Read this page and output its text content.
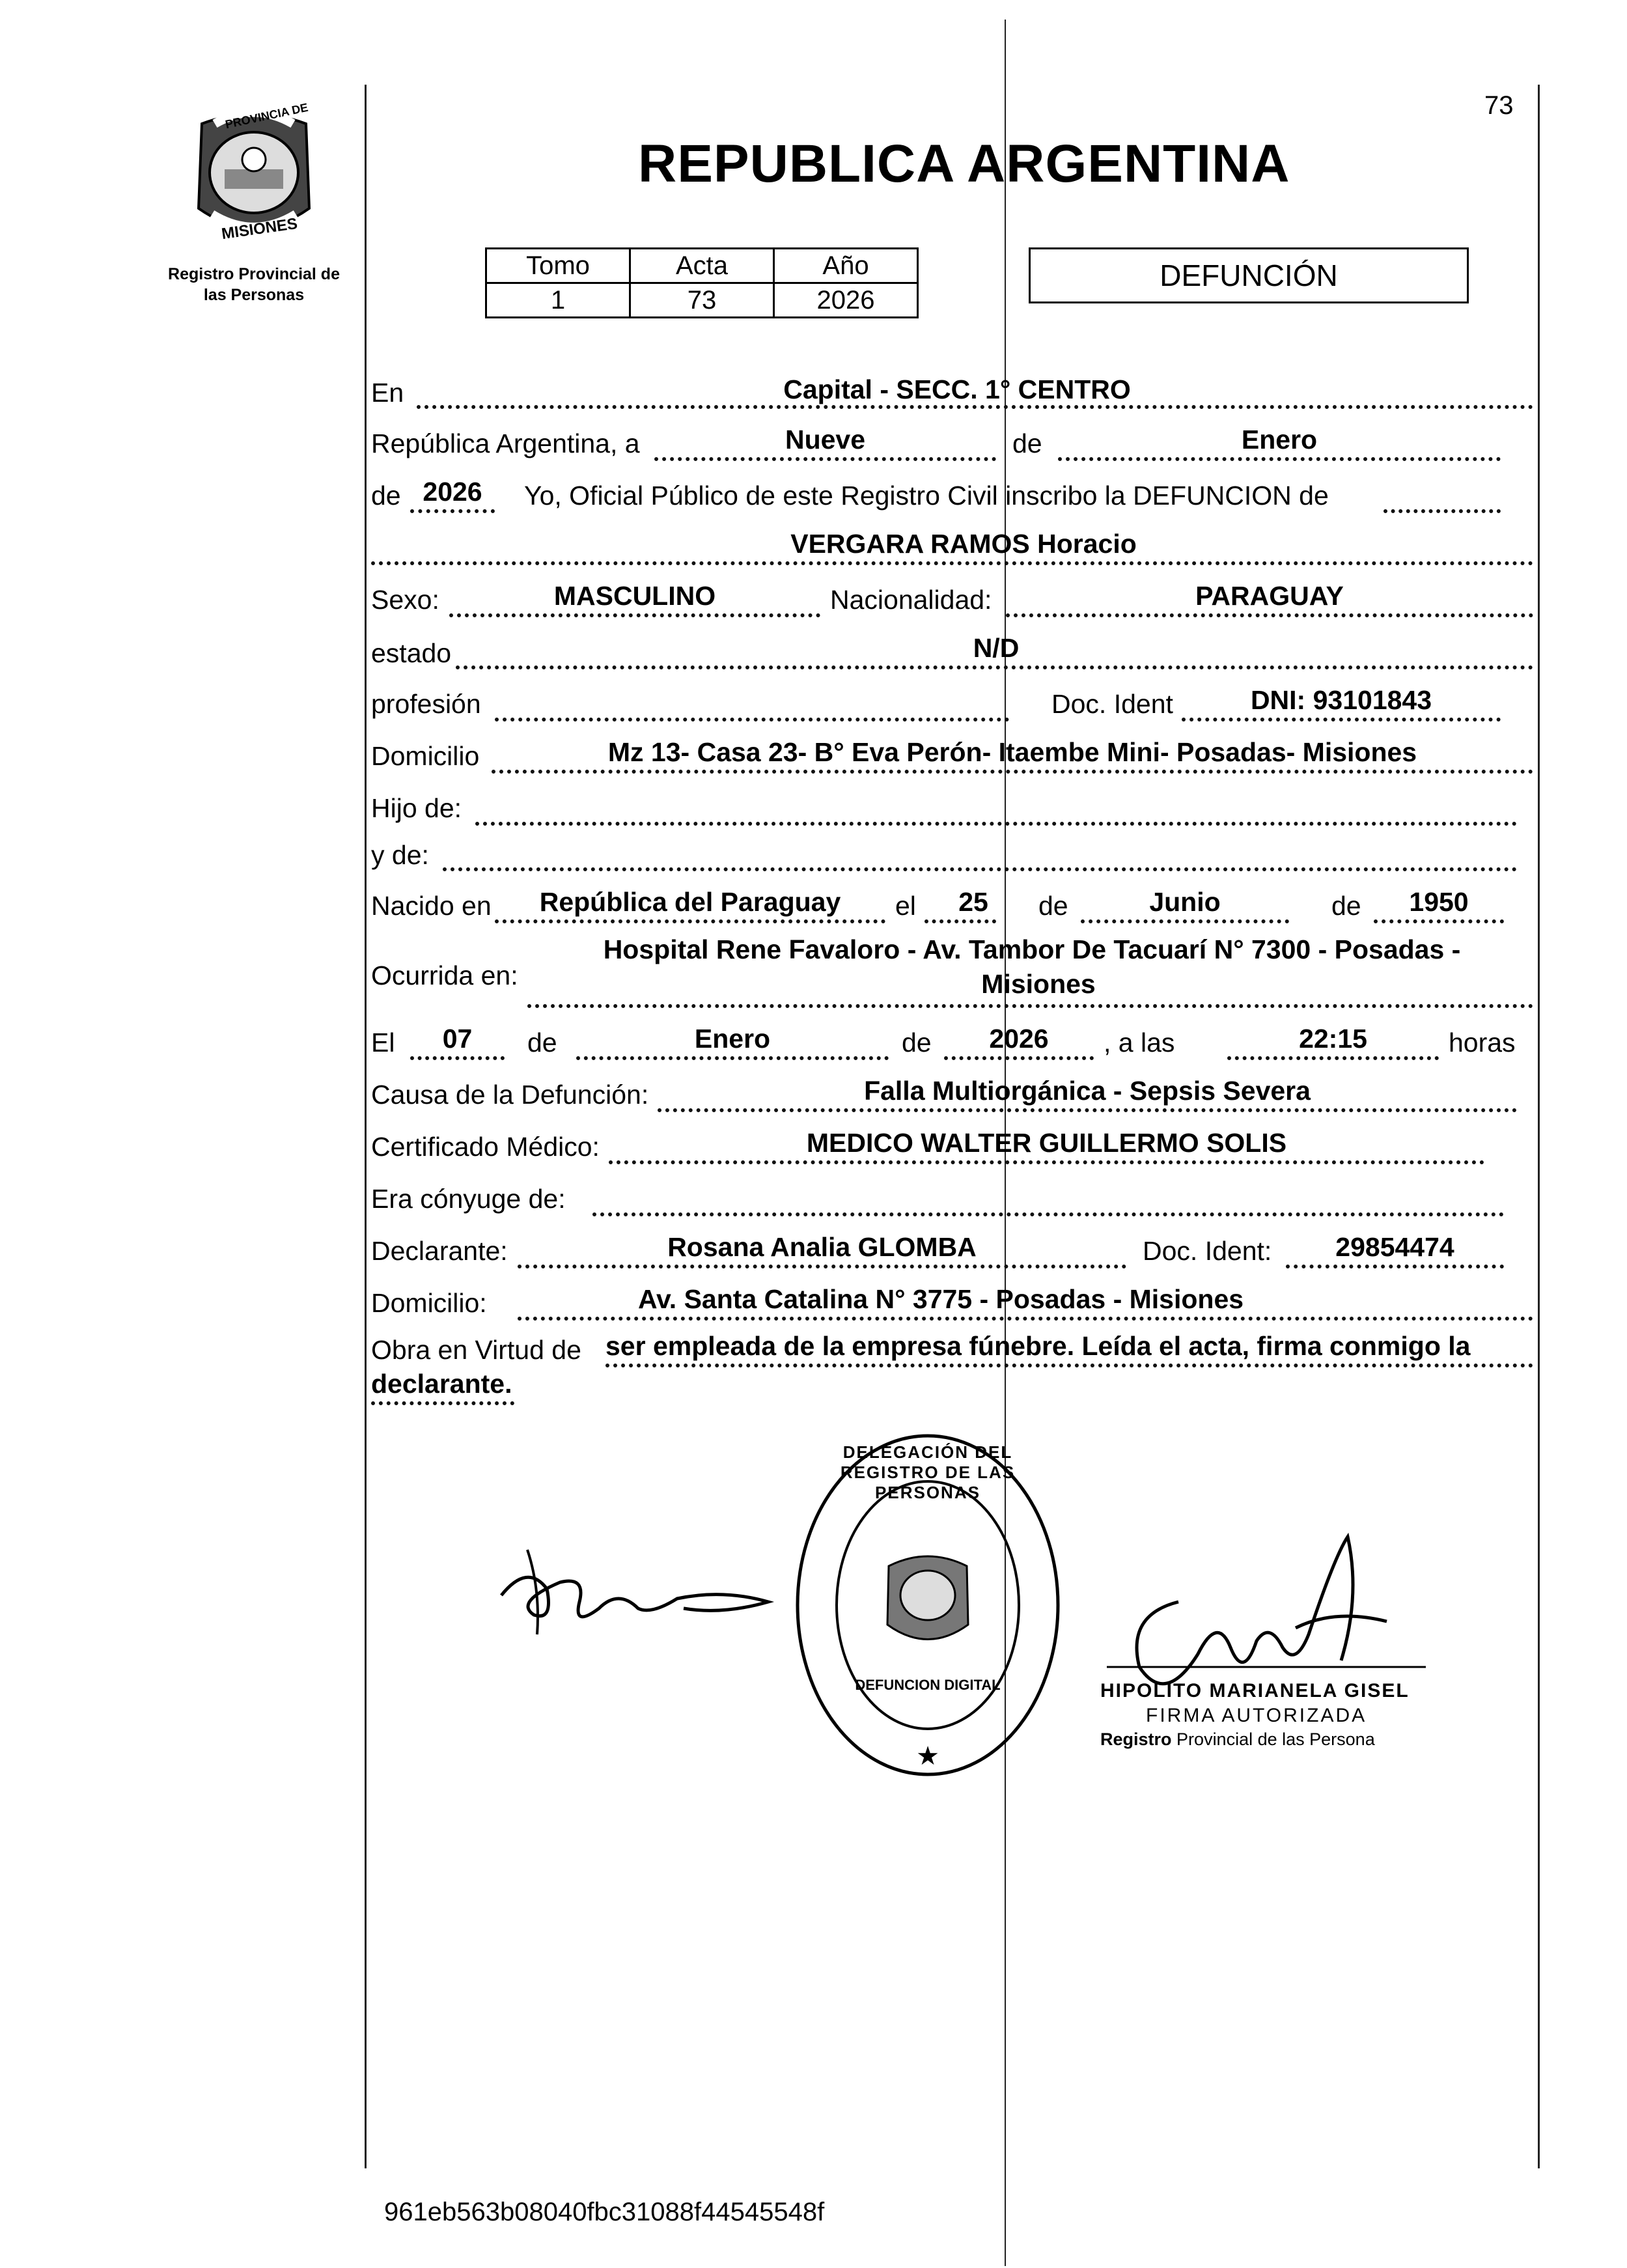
73
PROVINCIA DE
MISIONES
Registro Provincial de
las Personas
REPUBLICA ARGENTINA
Tomo	Acta	Año
1	73	2026
DEFUNCIÓN
En	Capital - SECC. 1° CENTRO
República Argentina, a	Nueve	de	Enero
de 2026	Yo, Oficial Público de este Registro Civil inscribo la DEFUNCION de
VERGARA RAMOS Horacio
Sexo:	MASCULINO	Nacionalidad:	PARAGUAY
estado	N/D
profesión	Doc. Ident	DNI: 93101843
Domicilio	Mz 13- Casa 23- B° Eva Perón- Itaembe Mini- Posadas- Misiones
Hijo de:
y de:
Nacido en	República del Paraguay	el	25	de	Junio	de	1950
Ocurrida en:
Hospital Rene Favaloro - Av. Tambor De Tacuarí N° 7300 - Posadas -
Misiones
El	07	de	Enero	de	2026	, a las	22:15	horas
Causa de la Defunción:	Falla Multiorgánica - Sepsis Severa
Certificado Médico:	MEDICO WALTER GUILLERMO SOLIS
Era cónyuge de:
Declarante:	Rosana Analia GLOMBA	Doc. Ident:	29854474
Domicilio:	Av. Santa Catalina N° 3775 - Posadas - Misiones
Obra en Virtud de ser empleada de la empresa fúnebre. Leída el acta, firma conmigo la
declarante.
★
DELEGACIÓN DEL REGISTRO DE LAS PERSONAS
DEFUNCION DIGITAL	HIPOLITO MARIANELA GISEL
FIRMA AUTORIZADA
Registro Provincial de las Persona
961eb563b08040fbc31088f44545548f
